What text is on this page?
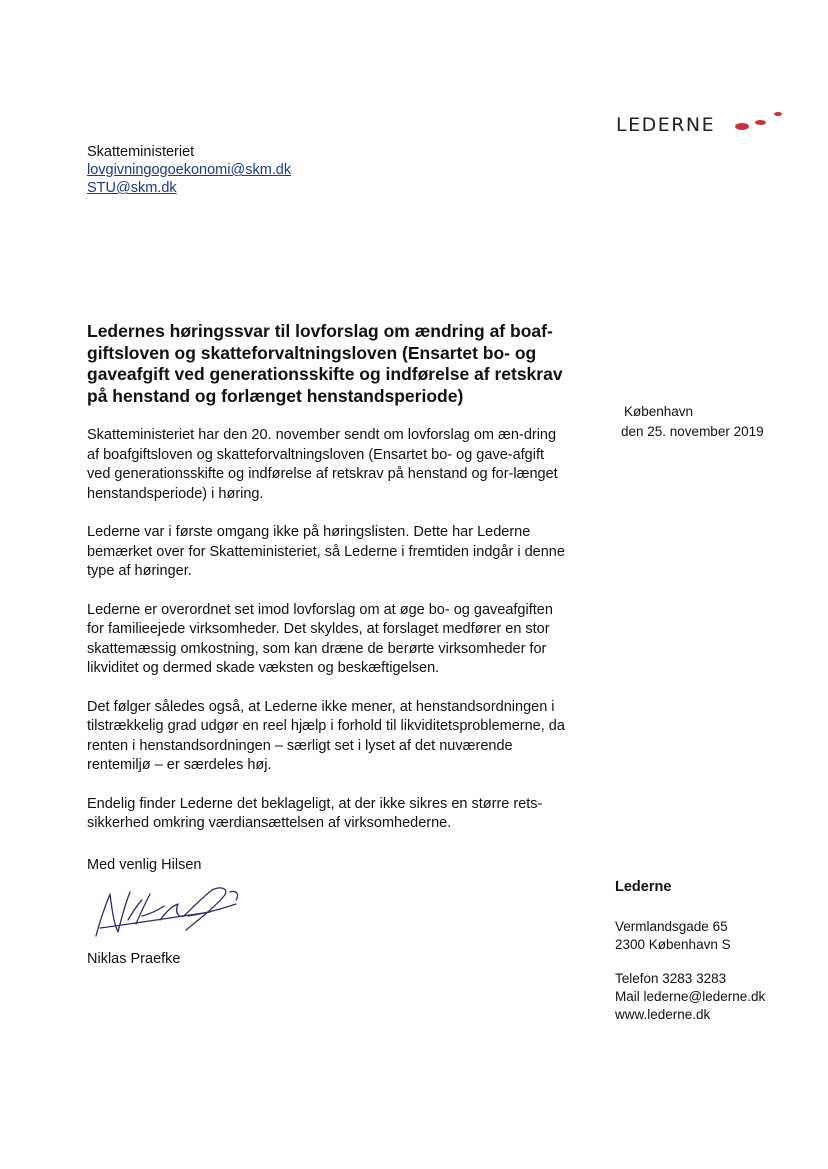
LEDERNE
Skatteministeriet
lovgivningogoekonomi@skm.dk
STU@skm.dk
Ledernes høringssvar til lovforslag om ændring af boaf-giftsloven og skatteforvaltningsloven (Ensartet bo- og gaveafgift ved generationsskifte og indførelse af retskrav på henstand og forlænget henstandsperiode)
København
den 25. november 2019

Skatteministeriet har den 20. november sendt om lovforslag om æn-dring af boafgiftsloven og skatteforvaltningsloven (Ensartet bo- og gave-afgift ved generationsskifte og indførelse af retskrav på henstand og for-længet henstandsperiode) i høring.

Lederne var i første omgang ikke på høringslisten. Dette har Lederne bemærket over for Skatteministeriet, så Lederne i fremtiden indgår i denne type af høringer.

Lederne er overordnet set imod lovforslag om at øge bo- og gaveafgiften for familieejede virksomheder. Det skyldes, at forslaget medfører en stor skattemæssig omkostning, som kan dræne de berørte virksomheder for likviditet og dermed skade væksten og beskæftigelsen.

Det følger således også, at Lederne ikke mener, at henstandsordningen i tilstrækkelig grad udgør en reel hjælp i forhold til likviditetsproblemerne, da renten i henstandsordningen – særligt set i lyset af det nuværende rentemiljø – er særdeles høj.

Endelig finder Lederne det beklageligt, at der ikke sikres en større rets-sikkerhed omkring værdiansættelsen af virksomhederne.

Med venlig Hilsen
Niklas Praefke
Lederne
Vermlandsgade 65
2300 København S
Telefon 3283 3283
Mail lederne@lederne.dk
www.lederne.dk
